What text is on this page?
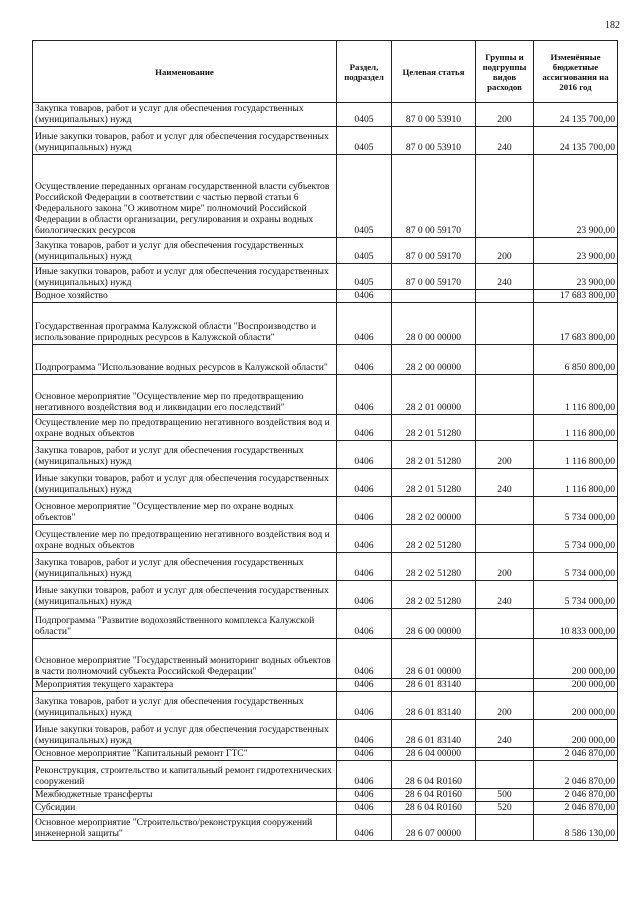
182
Наименование	Раздел, подраздел	Целевая статья	Группы и подгруппы видов расходов	Изменённые бюджетные ассигнования на 2016 год
Закупка товаров, работ и услуг для обеспечения государственных (муниципальных) нужд	0405	87 0 00 53910	200	24 135 700,00
Иные закупки товаров, работ и услуг для обеспечения государственных (муниципальных) нужд	0405	87 0 00 53910	240	24 135 700,00
Осуществление переданных органам государственной власти субъектов Российской Федерации в соответствии с частью первой статьи 6 Федерального закона "О животном мире" полномочий Российской Федерации в области организации, регулирования и охраны водных биологических ресурсов	0405	87 0 00 59170		23 900,00
Закупка товаров, работ и услуг для обеспечения государственных (муниципальных) нужд	0405	87 0 00 59170	200	23 900,00
Иные закупки товаров, работ и услуг для обеспечения государственных (муниципальных) нужд	0405	87 0 00 59170	240	23 900,00
Водное хозяйство	0406			17 683 800,00
Государственная программа Калужской области "Воспроизводство и использование природных ресурсов в Калужской области"	0406	28 0 00 00000		17 683 800,00
Подпрограмма "Использование водных ресурсов в Калужской области"	0406	28 2 00 00000		6 850 800,00
Основное мероприятие "Осуществление мер по предотвращению негативного воздействия вод и ликвидации его последствий"	0406	28 2 01 00000		1 116 800,00
Осуществление мер по предотвращению негативного воздействия вод и охране водных объектов	0406	28 2 01 51280		1 116 800,00
Закупка товаров, работ и услуг для обеспечения государственных (муниципальных) нужд	0406	28 2 01 51280	200	1 116 800,00
Иные закупки товаров, работ и услуг для обеспечения государственных (муниципальных) нужд	0406	28 2 01 51280	240	1 116 800,00
Основное мероприятие "Осуществление мер по охране водных объектов"	0406	28 2 02 00000		5 734 000,00
Осуществление мер по предотвращению негативного воздействия вод и охране водных объектов	0406	28 2 02 51280		5 734 000,00
Закупка товаров, работ и услуг для обеспечения государственных (муниципальных) нужд	0406	28 2 02 51280	200	5 734 000,00
Иные закупки товаров, работ и услуг для обеспечения государственных (муниципальных) нужд	0406	28 2 02 51280	240	5 734 000,00
Подпрограмма "Развитие водохозяйственного комплекса Калужской области"	0406	28 6 00 00000		10 833 000,00
Основное мероприятие "Государственный мониторинг водных объектов в части полномочий субъекта Российской Федерации"	0406	28 6 01 00000		200 000,00
Мероприятия текущего характера	0406	28 6 01 83140		200 000,00
Закупка товаров, работ и услуг для обеспечения государственных (муниципальных) нужд	0406	28 6 01 83140	200	200 000,00
Иные закупки товаров, работ и услуг для обеспечения государственных (муниципальных) нужд	0406	28 6 01 83140	240	200 000,00
Основное мероприятие "Капитальный ремонт ГТС"	0406	28 6 04 00000		2 046 870,00
Реконструкция, строительство и капитальный ремонт гидротехнических сооружений	0406	28 6 04 R0160		2 046 870,00
Межбюджетные трансферты	0406	28 6 04 R0160	500	2 046 870,00
Субсидии	0406	28 6 04 R0160	520	2 046 870,00
Основное мероприятие "Строительство/реконструкция сооружений инженерной защиты"	0406	28 6 07 00000		8 586 130,00
